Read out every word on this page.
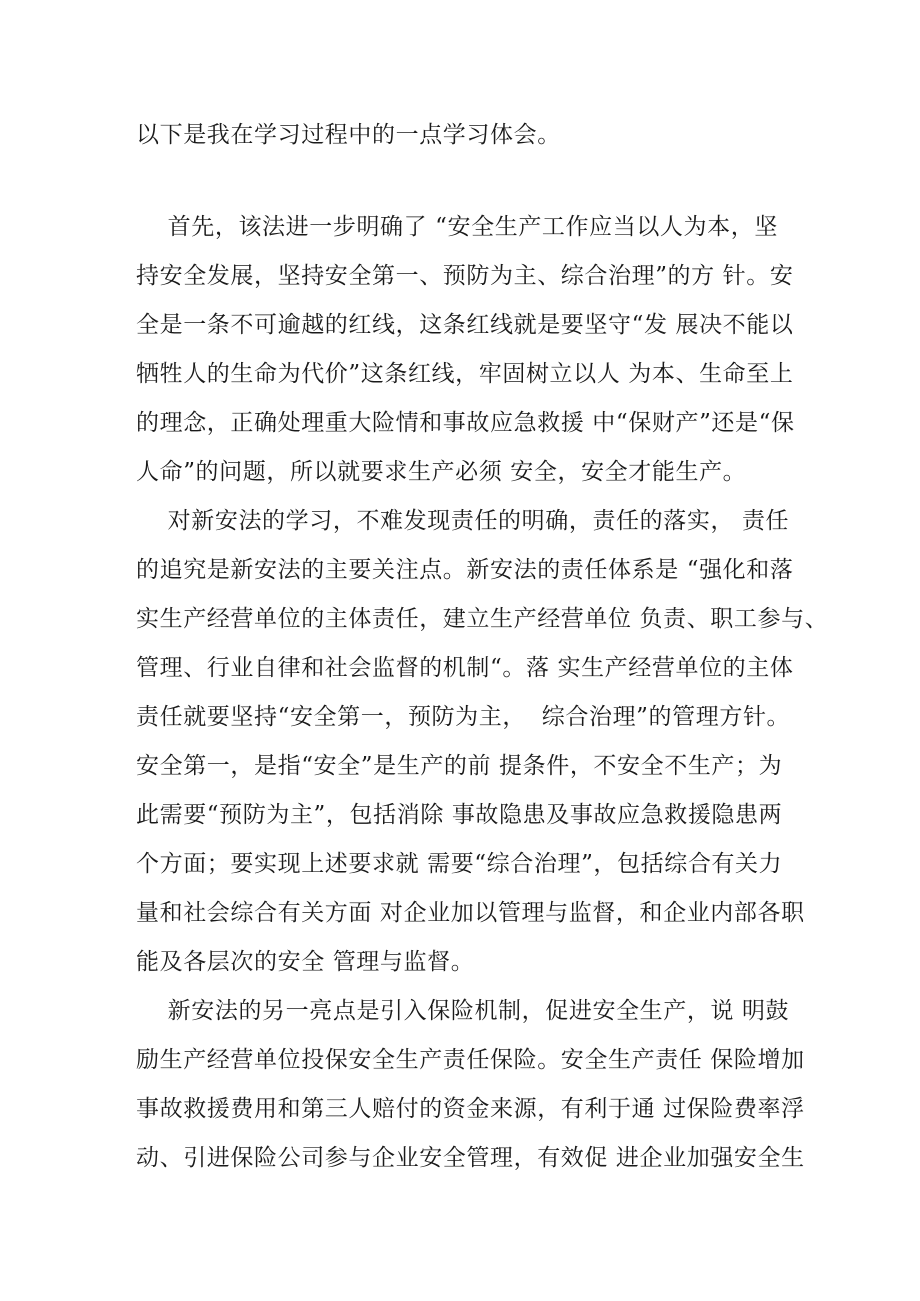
以下是我在学习过程中的一点学习体会。
首先，该法进一步明确了 “安全生产工作应当以人为本，坚
持安全发展，坚持安全第一、预防为主、综合治理”的方 针。安
全是一条不可逾越的红线，这条红线就是要坚守“发 展决不能以
牺牲人的生命为代价”这条红线，牢固树立以人 为本、生命至上
的理念，正确处理重大险情和事故应急救援 中“保财产”还是“保
人命”的问题，所以就要求生产必须 安全，安全才能生产。
对新安法的学习，不难发现责任的明确，责任的落实， 责任
的追究是新安法的主要关注点。新安法的责任体系是 “强化和落
实生产经营单位的主体责任，建立生产经营单位 负责、职工参与、
管理、行业自律和社会监督的机制“。落 实生产经营单位的主体
责任就要坚持“安全第一，预防为主，  综合治理”的管理方针。
安全第一，是指“安全”是生产的前 提条件，不安全不生产；为
此需要“预防为主”，包括消除 事故隐患及事故应急救援隐患两
个方面；要实现上述要求就 需要“综合治理”，包括综合有关力
量和社会综合有关方面 对企业加以管理与监督，和企业内部各职
能及各层次的安全 管理与监督。
新安法的另一亮点是引入保险机制，促进安全生产，说 明鼓
励生产经营单位投保安全生产责任保险。安全生产责任 保险增加
事故救援费用和第三人赔付的资金来源，有利于通 过保险费率浮
动、引进保险公司参与企业安全管理，有效促 进企业加强安全生
